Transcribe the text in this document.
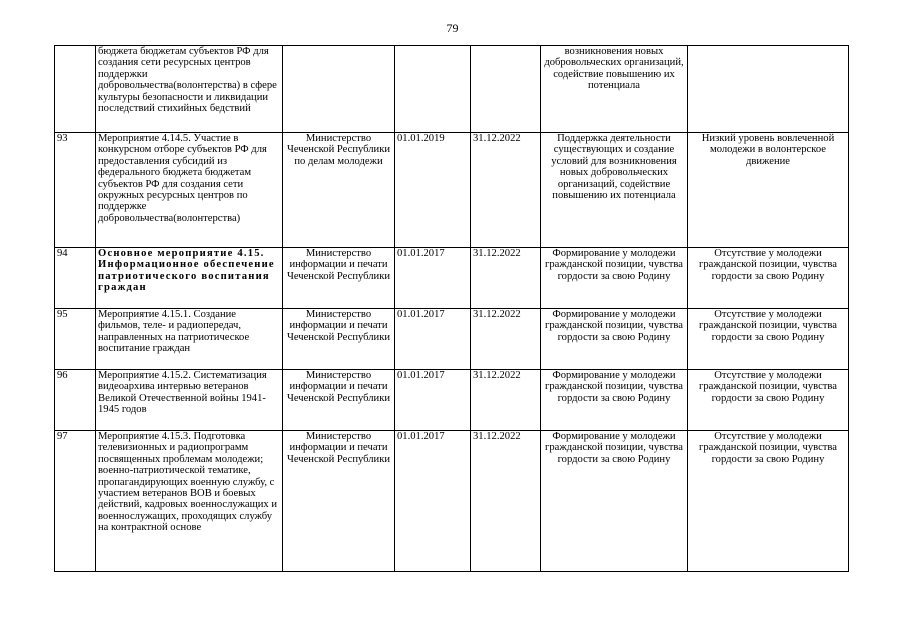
79
	бюджета бюджетам субъектов РФ для создания сети ресурсных центров поддержки добровольчества(волонтерства) в сфере культуры безопасности и ликвидации последствий стихийных бедствий				возникновения новых добровольческих организаций, содействие повышению их потенциала	
93	Мероприятие 4.14.5. Участие в конкурсном отборе субъектов РФ для предоставления субсидий из федерального бюджета бюджетам субъектов РФ для создания сети окружных ресурсных центров по поддержке добровольчества(волонтерства)	Министерство Чеченской Республики по делам молодежи	01.01.2019	31.12.2022	Поддержка деятельности существующих и создание условий для возникновения новых добровольческих организаций, содействие повышению их потенциала	Низкий уровень вовлеченной молодежи в волонтерское движение
94	Основное мероприятие 4.15. Информационное обеспечение патриотического воспитания граждан	Министерство информации и печати Чеченской Республики	01.01.2017	31.12.2022	Формирование у молодежи гражданской позиции, чувства гордости за свою Родину	Отсутствие у молодежи гражданской позиции, чувства гордости за свою Родину
95	Мероприятие 4.15.1. Создание фильмов, теле- и радиопередач, направленных на патриотическое воспитание граждан	Министерство информации и печати Чеченской Республики	01.01.2017	31.12.2022	Формирование у молодежи гражданской позиции, чувства гордости за свою Родину	Отсутствие у молодежи гражданской позиции, чувства гордости за свою Родину
96	Мероприятие 4.15.2. Систематизация видеоархива интервью ветеранов Великой Отечественной войны 1941-1945 годов	Министерство информации и печати Чеченской Республики	01.01.2017	31.12.2022	Формирование у молодежи гражданской позиции, чувства гордости за свою Родину	Отсутствие у молодежи гражданской позиции, чувства гордости за свою Родину
97	Мероприятие 4.15.3. Подготовка телевизионных и радиопрограмм посвященных проблемам молодежи; военно-патриотической тематике, пропагандирующих военную службу, с участием ветеранов ВОВ и боевых действий, кадровых военнослужащих и военнослужащих, проходящих службу на контрактной основе	Министерство информации и печати Чеченской Республики	01.01.2017	31.12.2022	Формирование у молодежи гражданской позиции, чувства гордости за свою Родину	Отсутствие у молодежи гражданской позиции, чувства гордости за свою Родину
